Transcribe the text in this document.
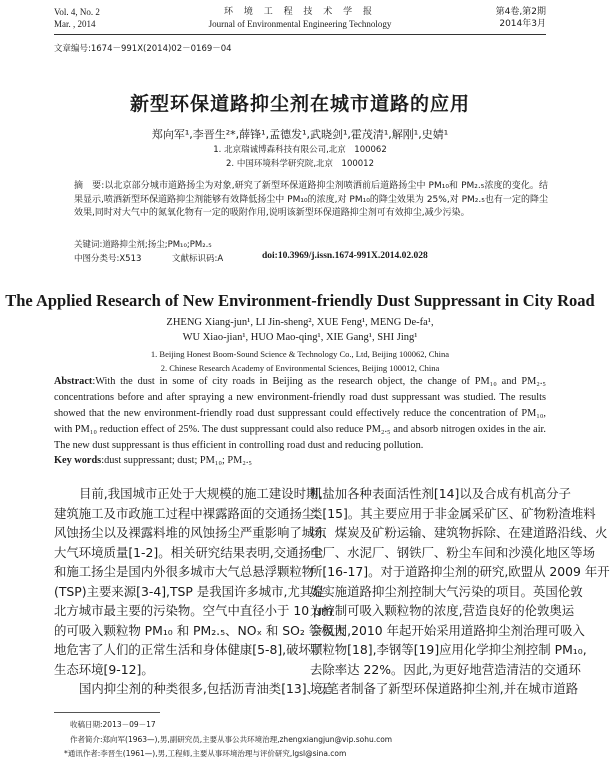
Vol. 4, No. 2
Mar. , 2014
环 境 工 程 技 术 学 报
Journal of Environmental Engineering Technology
第4卷,第2期
2014年3月
文章编号:1674－991X(2014)02－0169－04
新型环保道路抑尘剂在城市道路的应用
郑向军¹,李晋生²*,薛锋¹,孟德发¹,武晓剑¹,霍茂清¹,解刚¹,史婧¹
1. 北京瑞诚博森科技有限公司,北京　100062
2. 中国环境科学研究院,北京　100012
摘　要:以北京部分城市道路扬尘为对象,研究了新型环保道路抑尘剂喷洒前后道路扬尘中 PM₁₀和 PM₂.₅浓度的变化。结果显示,喷洒新型环保道路抑尘剂能够有效降低扬尘中 PM₁₀的浓度,对 PM₁₀的降尘效果为 25%,对 PM₂.₅也有一定的降尘效果,同时对大气中的氮氧化物有一定的吸附作用,说明该新型环保道路抑尘剂可有效抑尘,减少污染。
关键词:道路抑尘剂;扬尘;PM₁₀;PM₂.₅
中图分类号:X513	文献标识码:A	doi:10.3969/j.issn.1674-991X.2014.02.028
The Applied Research of New Environment-friendly Dust Suppressant in City Road
ZHENG Xiang-jun¹, LI Jin-sheng², XUE Feng¹, MENG De-fa¹,
WU Xiao-jian¹, HUO Mao-qing¹, XIE Gang¹, SHI Jing¹
1. Beijing Honest Boom-Sound Science & Technology Co., Ltd, Beijing 100062, China
2. Chinese Research Academy of Environmental Sciences, Beijing 100012, China
Abstract:With the dust in some of city roads in Beijing as the research object, the change of PM₁₀ and PM₂.₅ concentrations before and after spraying a new environment-friendly road dust suppressant was studied. The results showed that the new environment-friendly road dust suppressant could effectively reduce the concentration of PM₁₀, with PM₁₀ reduction effect of 25%. The dust suppressant could also reduce PM₂.₅ and absorb nitrogen oxides in the air. The new dust suppressant is thus efficient in controlling road dust and reducing pollution.
Key words:dust suppressant; dust; PM₁₀; PM₂.₅
目前,我国城市正处于大规模的施工建设时期,
建筑施工及市政施工过程中裸露路面的交通扬尘、
风蚀扬尘以及裸露料堆的风蚀扬尘严重影响了城市
大气环境质量[1-2]。相关研究结果表明,交通扬尘
和施工扬尘是国内外很多城市大气总悬浮颗粒物
(TSP)主要来源[3-4],TSP 是我国许多城市,尤其是
北方城市最主要的污染物。空气中直径小于 10 μm
的可吸入颗粒物 PM₁₀ 和 PM₂.₅、NOₓ 和 SO₂ 等极大
地危害了人们的正常生活和身体健康[5-8],破坏了
生态环境[9-12]。
国内抑尘剂的种类很多,包括沥青油类[13]、无
机盐加各种表面活性剂[14]以及合成有机高分子
类[15]。其主要应用于非金属采矿区、矿物粉渣堆料
场、煤炭及矿粉运输、建筑物拆除、在建道路沿线、火
电厂、水泥厂、钢铁厂、粉尘车间和沙漠化地区等场
所[16-17]。对于道路抑尘剂的研究,欧盟从 2009 年开
始实施道路抑尘剂控制大气污染的项目。英国伦敦
为控制可吸入颗粒物的浓度,营造良好的伦敦奥运
会氛围,2010 年起开始采用道路抑尘剂治理可吸入
颗粒物[18],李钢等[19]应用化学抑尘剂控制 PM₁₀,
去除率达 22%。因此,为更好地营造清洁的交通环
境,笔者制备了新型环保道路抑尘剂,并在城市道路
收稿日期:2013－09－17
作者简介:郑向军(1963—),男,副研究员,主要从事公共环境治理,zhengxiangjun@vip.sohu.com
*通讯作者:李晋生(1961—),男,工程师,主要从事环境治理与评价研究,lgsl@sina.com
